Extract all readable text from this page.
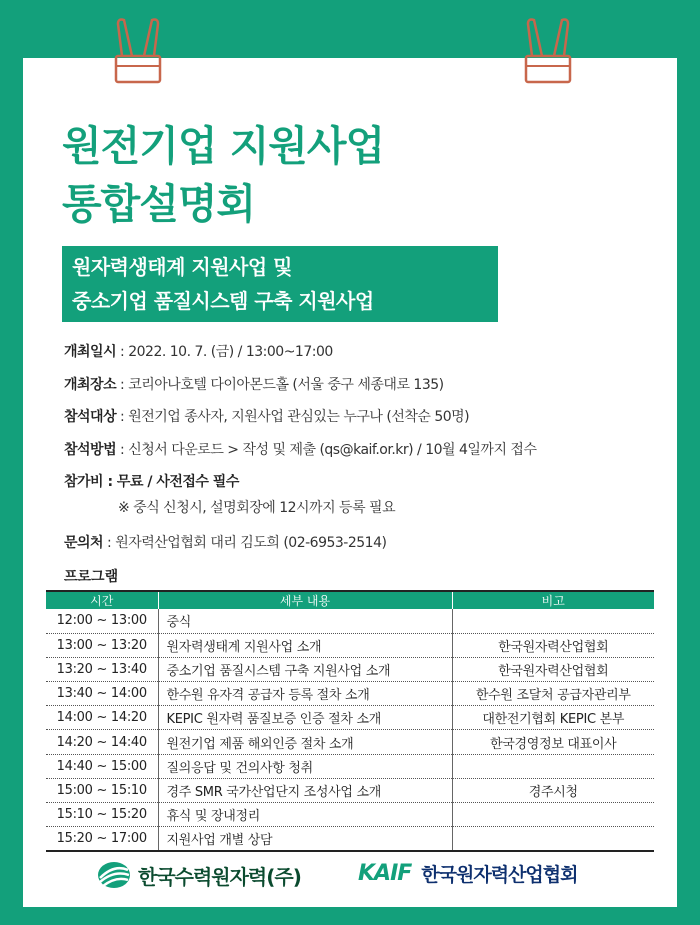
원전기업 지원사업
통합설명회
원자력생태계 지원사업 및
중소기업 품질시스템 구축 지원사업
개최일시 : 2022. 10. 7. (금) / 13:00~17:00
개최장소 : 코리아나호텔 다이아몬드홀 (서울 중구 세종대로 135)
참석대상 : 원전기업 종사자, 지원사업 관심있는 누구나 (선착순 50명)
참석방법 : 신청서 다운로드 > 작성 및 제출 (qs@kaif.or.kr) / 10월 4일까지 접수
참가비 : 무료 / 사전접수 필수
※ 중식 신청시, 설명회장에 12시까지 등록 필요
문의처 : 원자력산업협회 대리 김도희 (02-6953-2514)
프로그램
시간	세부 내용	비고
12:00 ~ 13:00	중식	
13:00 ~ 13:20	원자력생태계 지원사업 소개	한국원자력산업협회
13:20 ~ 13:40	중소기업 품질시스템 구축 지원사업 소개	한국원자력산업협회
13:40 ~ 14:00	한수원 유자격 공급자 등록 절차 소개	한수원 조달처 공급자관리부
14:00 ~ 14:20	KEPIC 원자력 품질보증 인증 절차 소개	대한전기협회 KEPIC 본부
14:20 ~ 14:40	원전기업 제품 해외인증 절차 소개	한국경영정보 대표이사
14:40 ~ 15:00	질의응답 및 건의사항 청취	
15:00 ~ 15:10	경주 SMR 국가산업단지 조성사업 소개	경주시청
15:10 ~ 15:20	휴식 및 장내정리	
15:20 ~ 17:00	지원사업 개별 상담	
한국수력원자력(주)	KAIF 한국원자력산업협회
